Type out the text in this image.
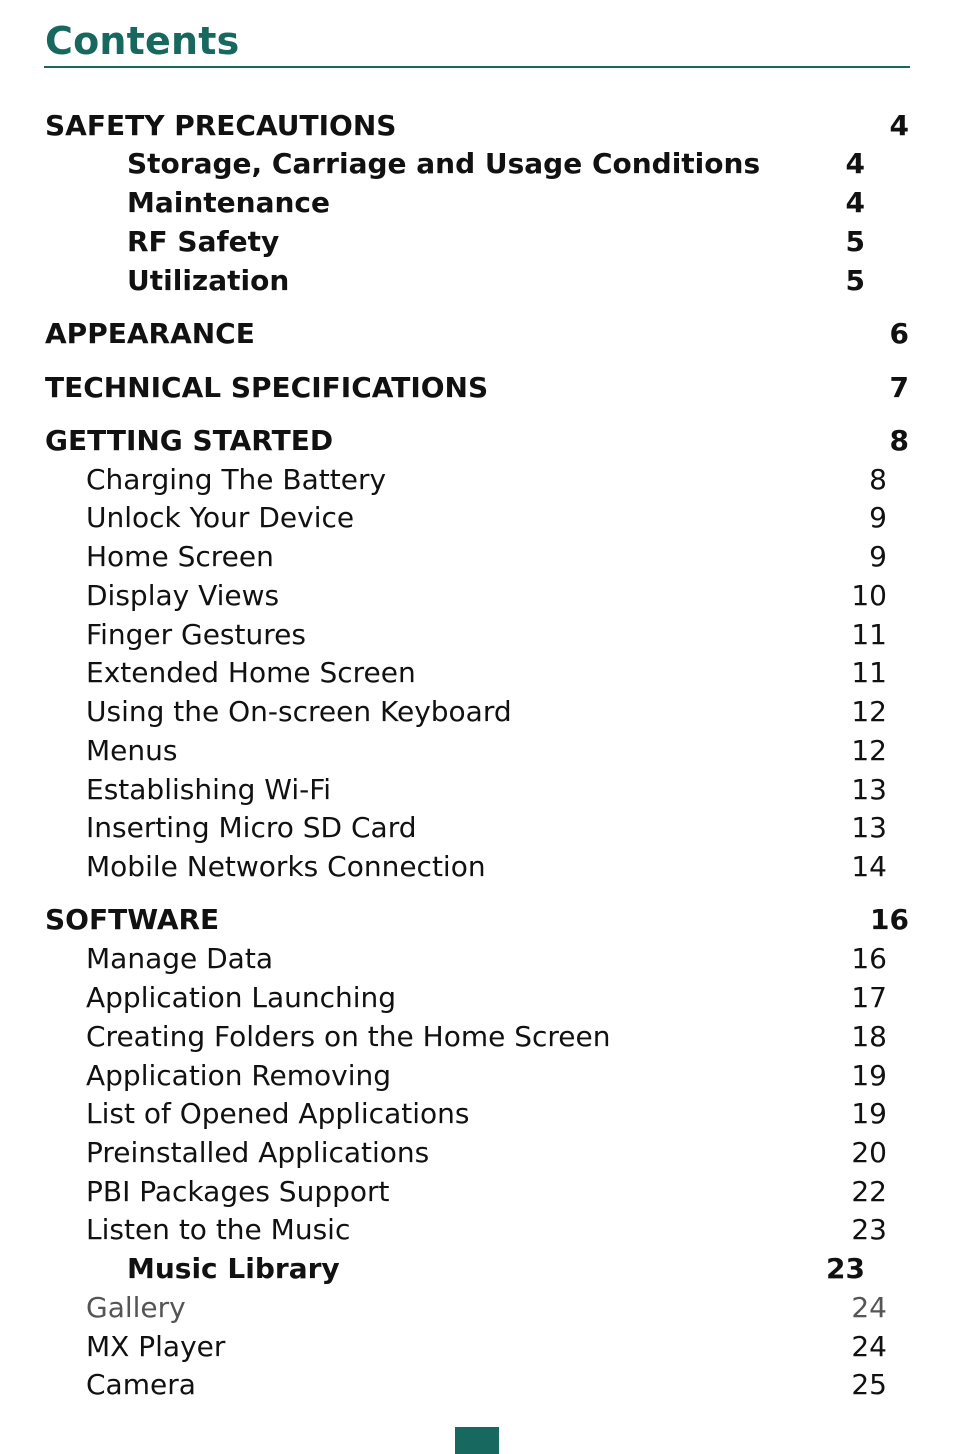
Contents
SAFETY PRECAUTIONS	4
Storage, Carriage and Usage Conditions	4
Maintenance	4
RF Safety	5
Utilization	5
APPEARANCE	6
TECHNICAL SPECIFICATIONS	7
GETTING STARTED	8
Charging The Battery	8
Unlock Your Device	9
Home Screen	9
Display Views	10
Finger Gestures	11
Extended Home Screen	11
Using the On-screen Keyboard	12
Menus	12
Establishing Wi-Fi	13
Inserting Micro SD Card	13
Mobile Networks Connection	14
SOFTWARE	16
Manage Data	16
Application Launching	17
Creating Folders on the Home Screen	18
Application Removing	19
List of Opened Applications	19
Preinstalled Applications	20
PBI Packages Support	22
Listen to the Music	23
Music Library	23
Gallery	24
MX Player	24
Camera	25
